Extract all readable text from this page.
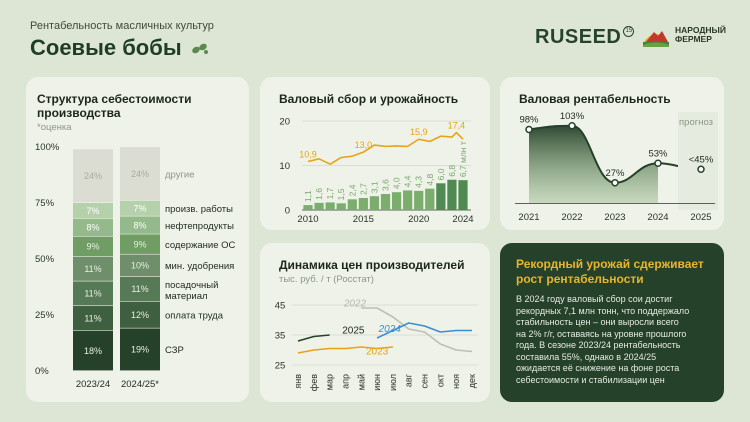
Рентабельность масличных культур
Соевые бобы	RUSEED 15	НАРОДНЫЙ
ФЕРМЕР
Структура себестоимости
производства
*оценка
100%
75%
50%
25%
0%
18%
11%
11%
11%
9%
8%
7%
24%
2023/24
19%
12%
11%
10%
9%
8%
7%
24%
2024/25*
СЗР
оплата труда
посадочный
материал
мин. удобрения
содержание ОС
нефтепродукты
произв. работы
другие
Валовый сбор и урожайность
20
10
0
1,1 1,6 1,7 1,5 2,4 2,7 3,1 3,6 4,0 4,4 4,3 4,8 6,0 6,8 6,7 млн т
10,9
13,0
15,9
17,4
2010	2015	2020 2024
Валовая рентабельность
прогноз
98% 103%
27%
53%
<45%
2021 2022 2023 2024 2025
Динамика цен производителей
тыс. руб. / т (Росстат)
45
35
25
2022
2023
2024
2025
янв фев мар апр май июн июл авг сен окт ноя дек
Рекордный урожай сдерживает рост рентабельности
В 2024 году валовый сбор сои достиг
рекордных 7,1 млн тонн, что поддержало
стабильность цен – они выросли всего
на 2% г/г, оставаясь на уровне прошлого
года. В сезоне 2023/24 рентабельность
составила 55%, однако в 2024/25
ожидается её снижение на фоне роста
себестоимости и стабилизации цен
